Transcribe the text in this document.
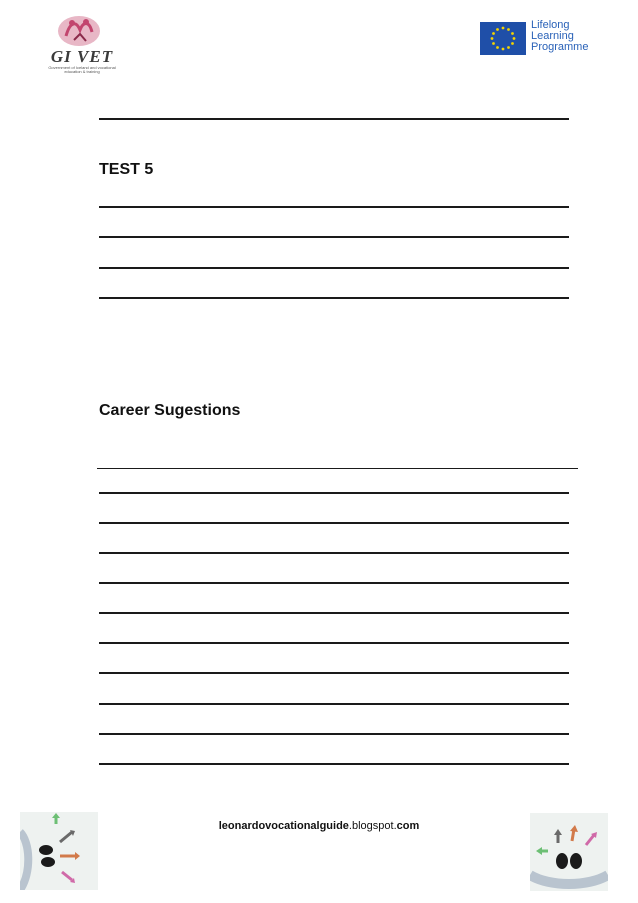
GI VET
Government of Iceland and vocational education & training
Lifelong
Learning
Programme
TEST 5
Career Sugestions
leonardovocationalguide.blogspot.com
